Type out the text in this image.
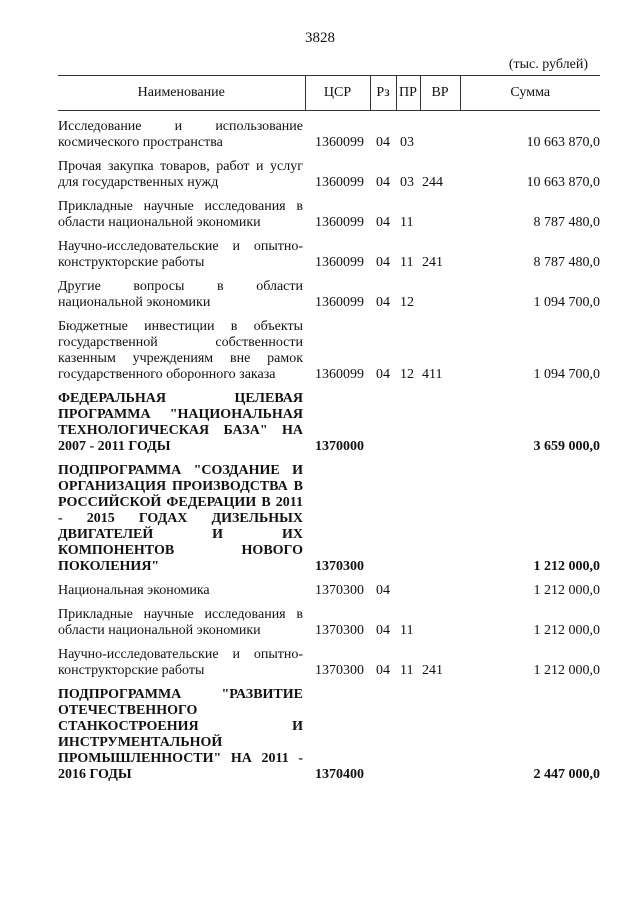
3828
(тыс. рублей)
Наименование	ЦСР	Рз	ПР	ВР	Сумма
Исследование и использование космического пространства	1360099	04	03		10 663 870,0
Прочая закупка товаров, работ и услуг для государственных нужд	1360099	04	03	244	10 663 870,0
Прикладные научные исследования в области национальной экономики	1360099	04	11		8 787 480,0
Научно-исследовательские и опытно-конструкторские работы	1360099	04	11	241	8 787 480,0
Другие вопросы в области национальной экономики	1360099	04	12		1 094 700,0
Бюджетные инвестиции в объекты государственной собственности казенным учреждениям вне рамок государственного оборонного заказа	1360099	04	12	411	1 094 700,0
ФЕДЕРАЛЬНАЯ ЦЕЛЕВАЯ ПРОГРАММА "НАЦИОНАЛЬНАЯ ТЕХНОЛОГИЧЕСКАЯ БАЗА" НА 2007 - 2011 ГОДЫ	1370000				3 659 000,0
ПОДПРОГРАММА "СОЗДАНИЕ И ОРГАНИЗАЦИЯ ПРОИЗВОДСТВА В РОССИЙСКОЙ ФЕДЕРАЦИИ В 2011 - 2015 ГОДАХ ДИЗЕЛЬНЫХ ДВИГАТЕЛЕЙ И ИХ КОМПОНЕНТОВ НОВОГО ПОКОЛЕНИЯ"	1370300				1 212 000,0
Национальная экономика	1370300	04			1 212 000,0
Прикладные научные исследования в области национальной экономики	1370300	04	11		1 212 000,0
Научно-исследовательские и опытно-конструкторские работы	1370300	04	11	241	1 212 000,0
ПОДПРОГРАММА "РАЗВИТИЕ ОТЕЧЕСТВЕННОГО СТАНКОСТРОЕНИЯ И ИНСТРУМЕНТАЛЬНОЙ ПРОМЫШЛЕННОСТИ" НА 2011 - 2016 ГОДЫ	1370400				2 447 000,0
